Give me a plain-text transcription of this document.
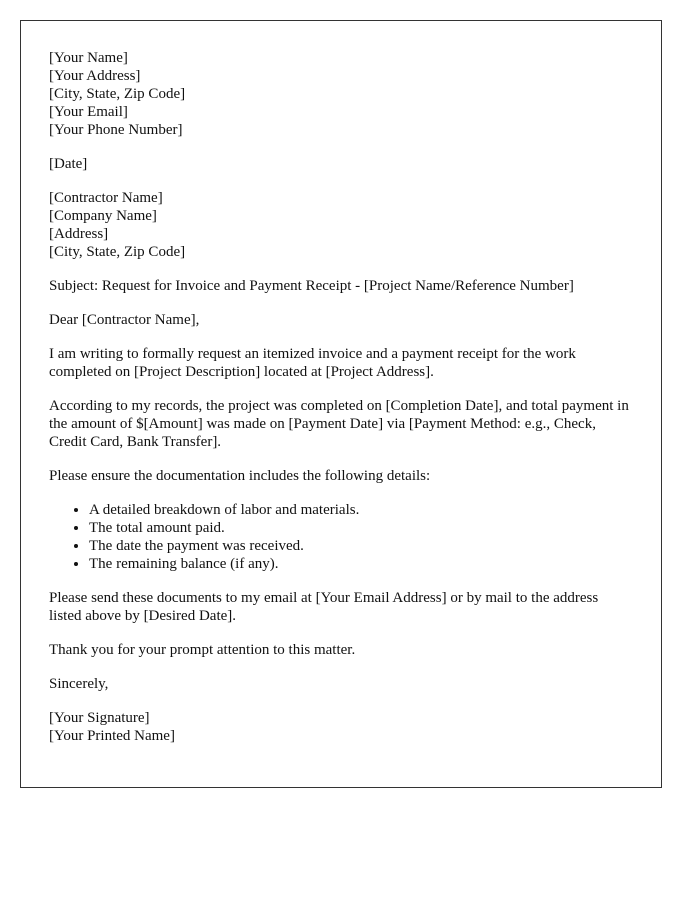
[Your Name]
[Your Address]
[City, State, Zip Code]
[Your Email]
[Your Phone Number]

[Date]

[Contractor Name]
[Company Name]
[Address]
[City, State, Zip Code]

Subject: Request for Invoice and Payment Receipt - [Project Name/Reference Number]

Dear [Contractor Name],

I am writing to formally request an itemized invoice and a payment receipt for the work completed on [Project Description] located at [Project Address].

According to my records, the project was completed on [Completion Date], and total payment in the amount of $[Amount] was made on [Payment Date] via [Payment Method: e.g., Check, Credit Card, Bank Transfer].

Please ensure the documentation includes the following details:

• A detailed breakdown of labor and materials.
• The total amount paid.
• The date the payment was received.
• The remaining balance (if any).

Please send these documents to my email at [Your Email Address] or by mail to the address listed above by [Desired Date].

Thank you for your prompt attention to this matter.

Sincerely,

[Your Signature]
[Your Printed Name]
